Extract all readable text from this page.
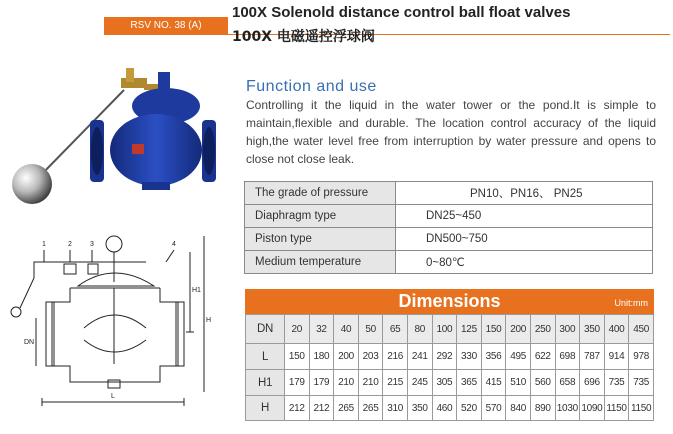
RSV NO. 38 (A)
100X Solenold distance control ball float valves
100X 电磁遥控浮球阀
1	2	3	4
DN
H1
H
L
Function and use
Controlling it the liquid in the water tower or the pond.It is simple to maintain,flexible and durable. The location control accuracy of the liquid high,the water level free from interruption by water pressure and opens to close not close leak.
The grade of pressure	PN10、PN16、 PN25
Diaphragm type	DN25~450
Piston type	DN500~750
Medium temperature	0~80℃
Dimensions	Unit:mm
DN	20	32	40	50	65	80	100	125	150	200	250	300	350	400	450
L	150	180	200	203	216	241	292	330	356	495	622	698	787	914	978
H1	179	179	210	210	215	245	305	365	415	510	560	658	696	735	735
H	212	212	265	265	310	350	460	520	570	840	890	1030	1090	1150	1150
